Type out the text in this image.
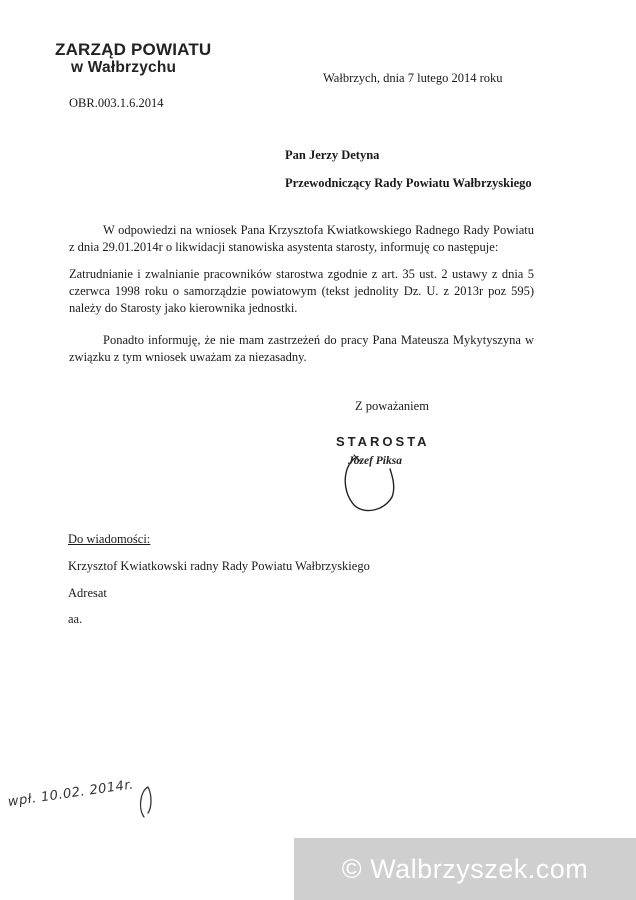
ZARZĄD POWIATU
w Wałbrzychu
OBR.003.1.6.2014
Wałbrzych, dnia 7 lutego 2014 roku
Pan Jerzy Detyna
Przewodniczący Rady Powiatu Wałbrzyskiego
W odpowiedzi na wniosek Pana Krzysztofa Kwiatkowskiego Radnego Rady Powiatu z dnia 29.01.2014r o likwidacji stanowiska asystenta starosty, informuję co następuje:
Zatrudnianie i zwalnianie pracowników starostwa zgodnie z art. 35 ust. 2 ustawy z dnia 5 czerwca 1998 roku o samorządzie powiatowym (tekst jednolity Dz. U. z 2013r poz 595) należy do Starosty jako kierownika jednostki.
Ponadto informuję, że nie mam zastrzeżeń do pracy Pana Mateusza Mykytyszyna w związku z tym wniosek uważam za niezasadny.
Z poważaniem
STAROSTA
Józef Piksa
Do wiadomości:
Krzysztof Kwiatkowski radny Rady Powiatu Wałbrzyskiego
Adresat
aa.
wpł. 10.02. 2014r.
© Walbrzyszek.com
